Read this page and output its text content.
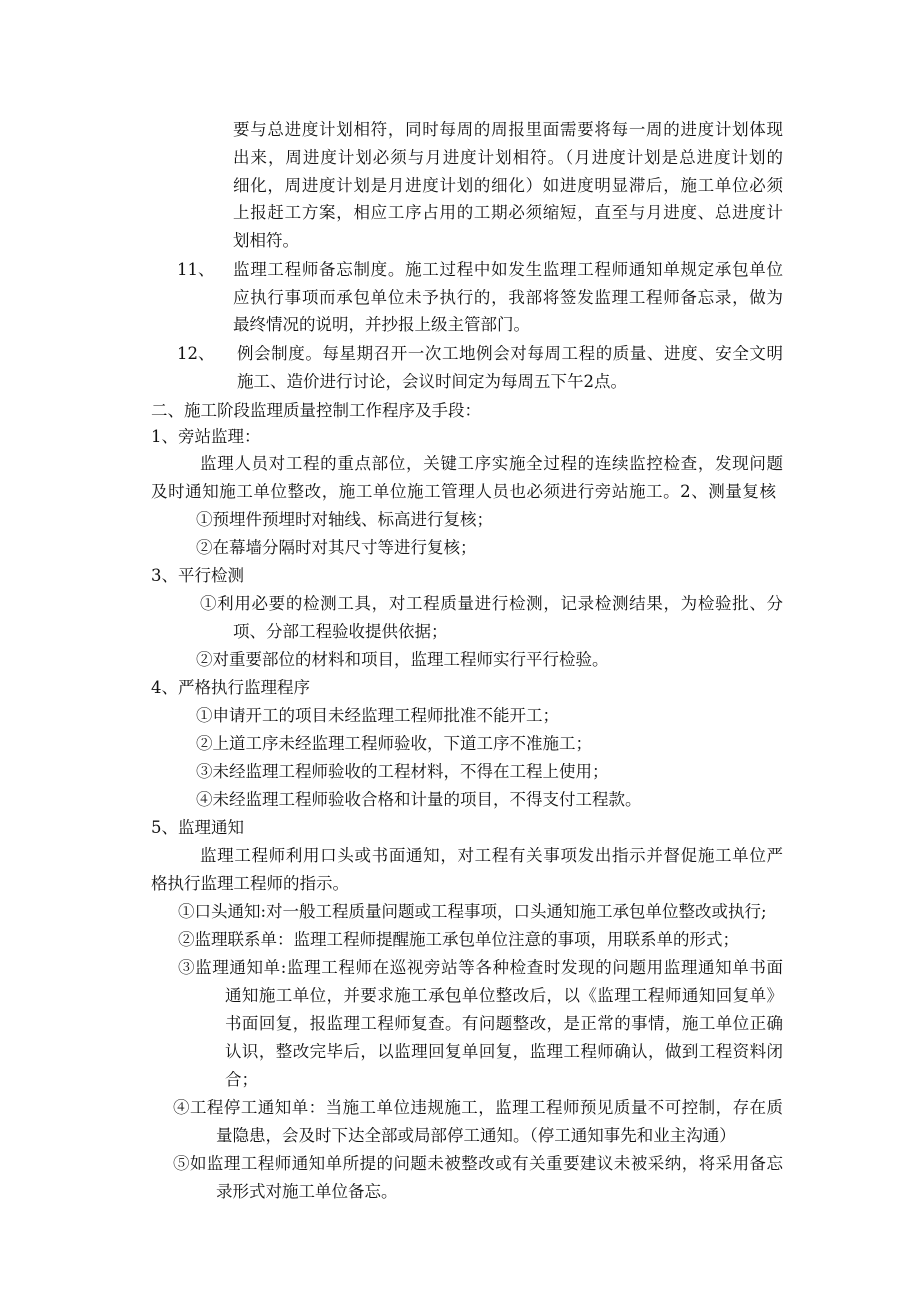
要与总进度计划相符，同时每周的周报里面需要将每一周的进度计划体现
出来，周进度计划必须与月进度计划相符。（月进度计划是总进度计划的
细化，周进度计划是月进度计划的细化）如进度明显滞后，施工单位必须
上报赶工方案，相应工序占用的工期必须缩短，直至与月进度、总进度计
划相符。
11、 监理工程师备忘制度。施工过程中如发生监理工程师通知单规定承包单位
应执行事项而承包单位未予执行的，我部将签发监理工程师备忘录，做为
最终情况的说明，并抄报上级主管部门。
12、 例会制度。每星期召开一次工地例会对每周工程的质量、进度、安全文明
施工、造价进行讨论，会议时间定为每周五下午2点。
二、施工阶段监理质量控制工作程序及手段：
1、旁站监理：
监理人员对工程的重点部位，关键工序实施全过程的连续监控检查，发现问题
及时通知施工单位整改，施工单位施工管理人员也必须进行旁站施工。2、测量复核
①预埋件预埋时对轴线、标高进行复核；
②在幕墙分隔时对其尺寸等进行复核；
3、平行检测
①利用必要的检测工具，对工程质量进行检测，记录检测结果，为检验批、分
项、分部工程验收提供依据；
②对重要部位的材料和项目，监理工程师实行平行检验。
4、严格执行监理程序
①申请开工的项目未经监理工程师批准不能开工；
②上道工序未经监理工程师验收，下道工序不准施工；
③未经监理工程师验收的工程材料，不得在工程上使用；
④未经监理工程师验收合格和计量的项目，不得支付工程款。
5、监理通知
监理工程师利用口头或书面通知，对工程有关事项发出指示并督促施工单位严
格执行监理工程师的指示。
①口头通知:对一般工程质量问题或工程事项，口头通知施工承包单位整改或执行;
②监理联系单：监理工程师提醒施工承包单位注意的事项，用联系单的形式；
③监理通知单:监理工程师在巡视旁站等各种检查时发现的问题用监理通知单书面
通知施工单位，并要求施工承包单位整改后，以《监理工程师通知回复单》
书面回复，报监理工程师复查。有问题整改，是正常的事情，施工单位正确
认识，整改完毕后，以监理回复单回复，监理工程师确认，做到工程资料闭
合；
④工程停工通知单：当施工单位违规施工，监理工程师预见质量不可控制，存在质
量隐患，会及时下达全部或局部停工通知。（停工通知事先和业主沟通）
⑤如监理工程师通知单所提的问题未被整改或有关重要建议未被采纳，将采用备忘
录形式对施工单位备忘。
